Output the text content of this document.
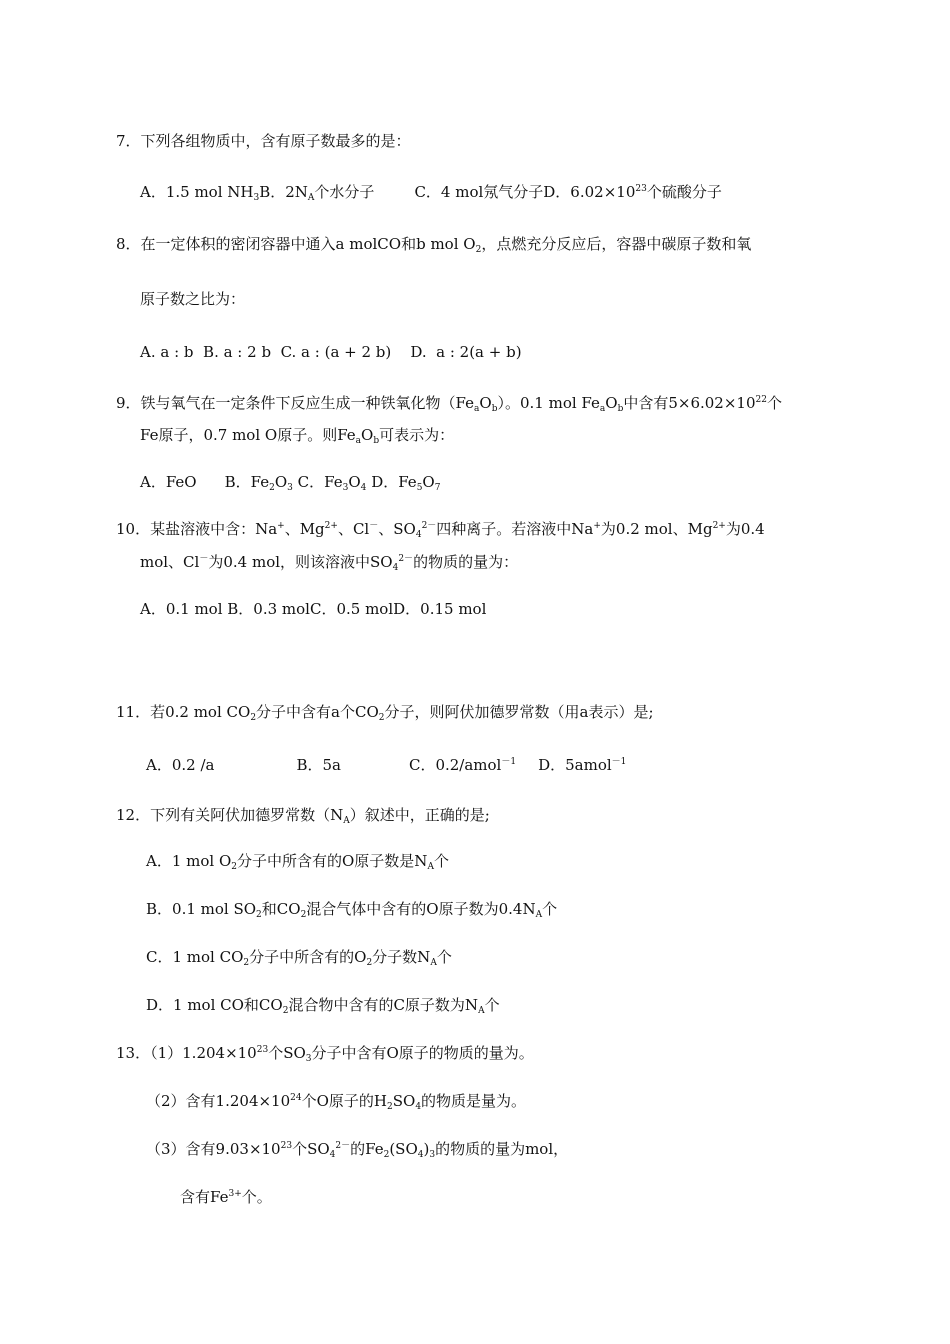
7．下列各组物质中，含有原子数最多的是：
A．1.5 mol $NH_3B$．$2N_A$个水分子	C．4 mol氖气分子D．$6.02\times 10^{23}$个硫酸分子
8．在一定体积的密闭容器中通入a molCO和b mol $O_2$，点燃充分反应后，容器中碳原子数和氧
原子数之比为：
A. a : b  B. a : 2 b  C. a : (a + 2 b)    D.  a : 2(a + b)
9．铁与氧气在一定条件下反应生成一种铁氧化物$(Fe_aO_b)$。0.1 mol $Fe_aO_b$中含有$5\times 6.02\times 10^{22}$个
Fe原子，0.7 mol O原子。则$Fe_aO_b$可表示为：
A．FeO B．$Fe_2O_3$ C．$Fe_3O_4$ D．$Fe_5O_7$
10．某盐溶液中含：Na+、$Mg^{2+}$、Cl－、$SO_4^{2-}$四种离子。若溶液中Na+为0.2 mol、$Mg^{2+}$为0.4
mol、Cl－为0.4 mol，则该溶液中$SO_4^{2-}$的物质的量为：
A．0.1 mol B．0.3 molC．0.5 molD．0.15 mol
11．若0.2 mol $CO_2$分子中含有a个$CO_2$分子，则阿伏加德罗常数（用a表示）是;
A．0.2 /a	B．5a	C．0.2/amol$^{-1}$ D．5amol$^{-1}$
12．下列有关阿伏加德罗常数$(N_A)$叙述中，正确的是;
A．1 mol $O_2$分子中所含有的O原子数是$N_A$个
B．0.1 mol $SO_2$和$CO_2$混合气体中含有的O原子数为$0.4N_A$个
C．1 mol $CO_2$分子中所含有的$O_2$分子数$N_A$个
D．1 mol CO和$CO_2$混合物中含有的C原子数为$N_A$个
13．$(1)1.204\times 10^{23}$个$SO_3$分子中含有O原子的物质的量为。
（2）含有$1.204\times 10^{24}$个O原子的$H_2SO_4$的物质是量为。
（3）含有$9.03\times 10^{23}$个$SO_4^{2-}$的$Fe_2(SO_4)_3$的物质的量为mol，
含有$Fe^{3+}$个。
